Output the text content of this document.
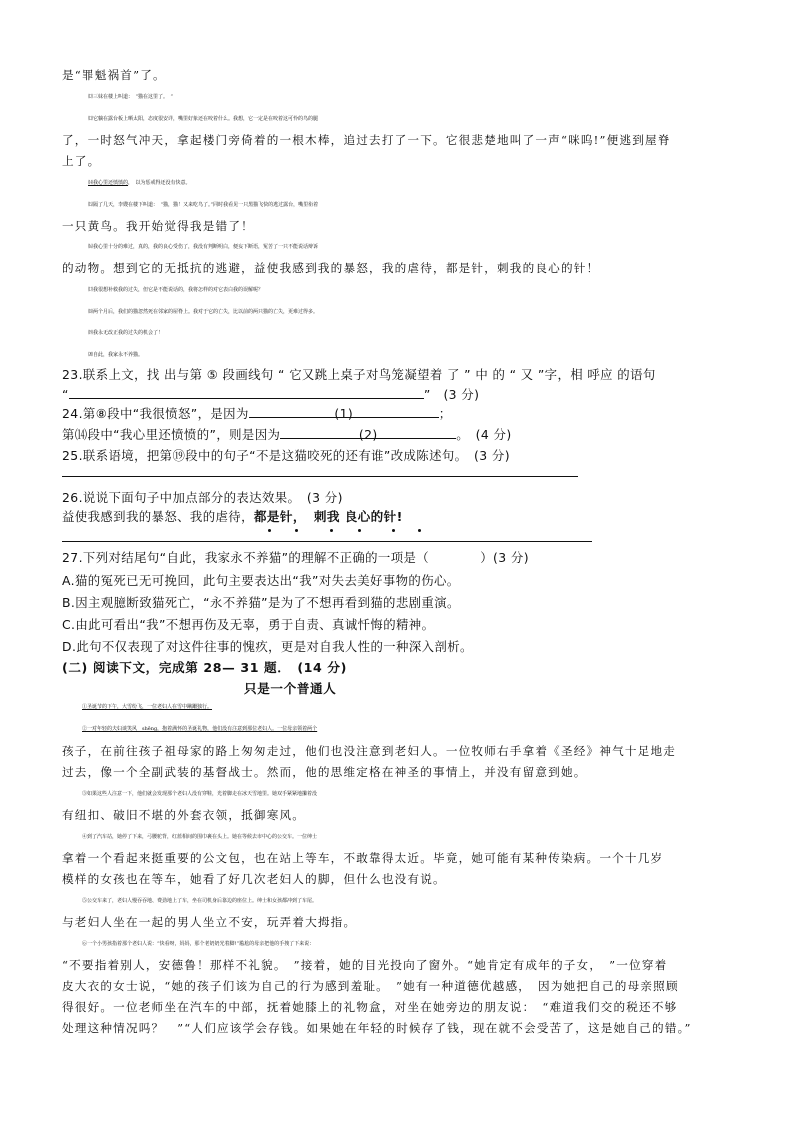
是“罪魁祸首”了。
⑿三妹在楼上叫道：　“猫在这里了。　”
⒀它躺在露台板上晒太阳，态度很安详，嘴里好象还在咬着什么。我想，它一定是在咬着这可怜的鸟的腿
了，一时怒气冲天，拿起楼门旁倚着的一根木棒，追过去打了一下。它很悲楚地叫了一声“咪呜!”便逃到屋脊
上了。
⒁我心里还愤愤的，　以为惩戒得还没有快意。
⒂隔了几天，李嫂在楼下叫道：　“猫，猫！又来吃鸟了。”同时我看见一只黑猫飞快的逃过露台，嘴里衔着
一只黄鸟。我开始觉得我是错了！
⒃我心里十分的难过，真的，我的良心受伤了，我没有判断明白，便妄下断语，冤苦了一只不能说话辩诉
的动物。想到它的无抵抗的逃避，益使我感到我的暴怒，我的虐待，都是针，刺我的良心的针！
⒄我很想补救我的过失，但它是不能说话的，我将怎样的对它表白我的误解呢？
⒅两个月后，我们的猫忽然死在邻家的屋脊上。我对于它的亡失，比以前的两只猫的亡失，更难过得多。
⒆我永无改正我的过失的机会了！
⒇自此，我家永不养猫。
23.联系上文，找 出与第 ⑤ 段画线句 “ 它又跳上桌子对鸟笼凝望着 了 ” 中 的 “ 又 ”字，相 呼应 的语句
“	”　(3 分)
24.第⑧段中“我很愤怒”，是因为	(1)	；
第⒁段中“我心里还愤愤的”，则是因为	(2)	。　(4 分)
25.联系语境，把第⑲段中的句子“不是这猫咬死的还有谁”改成陈述句。　(3 分)
26.说说下面句子中加点部分的表达效果。　(3 分)
益使我感到我的暴怒、我的虐待，都是针， 刺我 良心的针!
27.下列对结尾句“自此，我家永不养猫”的理解不正确的一项是（　　　　）(3 分)
A.猫的冤死已无可挽回，此句主要表达出“我”对失去美好事物的伤心。
B.因主观臆断致猫死亡，“永不养猫”是为了不想再看到猫的悲剧重演。
C.由此可看出“我”不想再伤及无辜，勇于自责、真诚忏悔的精神。
D.此句不仅表现了对这件往事的愧疚，更是对自我人性的一种深入剖析。
(二) 阅读下文，完成第 28— 31 题．　(14 分)
只是一个普通人
①圣诞节的下午，大雪纷飞，一位老妇人在雪中蹒跚独行。
②一对年轻的夫妇谈笑风　shēng，抱着满怀的圣诞礼物，他们没有注意到那位老妇人。一位母亲领着两个
孩子，在前往孩子祖母家的路上匆匆走过，他们也没注意到老妇人。一位牧师右手拿着《圣经》神气十足地走
过去，像一个全副武装的基督战士。然而，他的思维定格在神圣的事情上，并没有留意到她。
③如果这些人注意一下，他们就会发现那个老妇人没有穿鞋，光着脚走在冰天雪地里。她双手紧紧地攥着没
有纽扣、破旧不堪的外套衣领，抵御寒风。
④到了汽车站，她停了下来，弓腰驼背，红蓝相间的围巾裹在头上。她在等候去市中心的公交车。一位绅士
拿着一个看起来挺重要的公文包，也在站上等车，不敢靠得太近。毕竟，她可能有某种传染病。一个十几岁
模样的女孩也在等车，她看了好几次老妇人的脚，但什么也没有说。
⑤公交车来了，老妇人慢吞吞地、费劲地上了车，坐在司机身后靠边的座位上。绅士和女孩都冲到了车尾。
与老妇人坐在一起的男人坐立不安，玩弄着大拇指。
⑥一个小男孩指着那个老妇人说：“快看呀，妈妈，那个老奶奶光着脚!”尴尬的母亲把他的手拽了下来说：
“不要指着别人，安德鲁！那样不礼貌。　”接着，她的目光投向了窗外。“她肯定有成年的子女，　”一位穿着
皮大衣的女士说，“她的孩子们该为自己的行为感到羞耻。　”她有一种道德优越感，　因为她把自己的母亲照顾
得很好。一位老师坐在汽车的中部，抚着她膝上的礼物盒，对坐在她旁边的朋友说：　“难道我们交的税还不够
处理这种情况吗？　”“人们应该学会存钱。如果她在年轻的时候存了钱，现在就不会受苦了，这是她自己的错。”
